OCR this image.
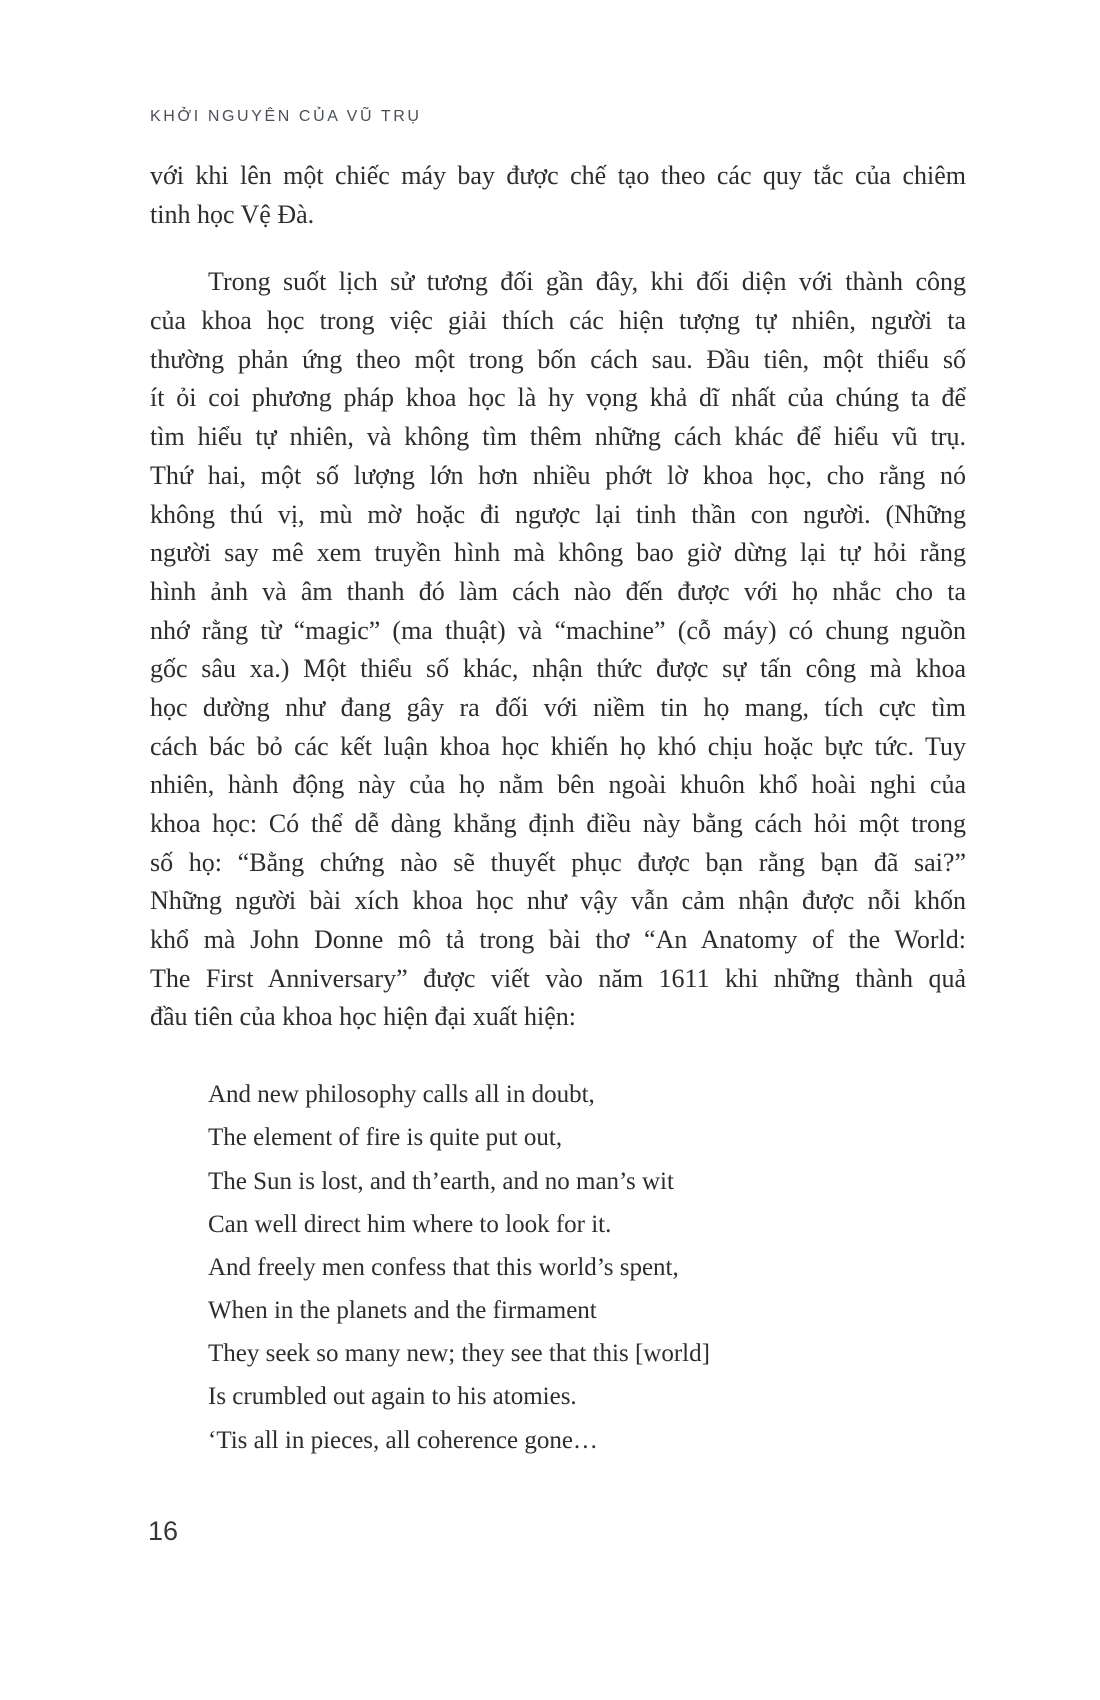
KHỞI NGUYÊN CỦA VŨ TRỤ
với khi lên một chiếc máy bay được chế tạo theo các quy tắc của chiêm
tinh học Vệ Đà.
Trong suốt lịch sử tương đối gần đây, khi đối diện với thành công
của khoa học trong việc giải thích các hiện tượng tự nhiên, người ta
thường phản ứng theo một trong bốn cách sau. Đầu tiên, một thiểu số
ít ỏi coi phương pháp khoa học là hy vọng khả dĩ nhất của chúng ta để
tìm hiểu tự nhiên, và không tìm thêm những cách khác để hiểu vũ trụ.
Thứ hai, một số lượng lớn hơn nhiều phớt lờ khoa học, cho rằng nó
không thú vị, mù mờ hoặc đi ngược lại tinh thần con người. (Những
người say mê xem truyền hình mà không bao giờ dừng lại tự hỏi rằng
hình ảnh và âm thanh đó làm cách nào đến được với họ nhắc cho ta
nhớ rằng từ “magic” (ma thuật) và “machine” (cỗ máy) có chung nguồn
gốc sâu xa.) Một thiểu số khác, nhận thức được sự tấn công mà khoa
học dường như đang gây ra đối với niềm tin họ mang, tích cực tìm
cách bác bỏ các kết luận khoa học khiến họ khó chịu hoặc bực tức. Tuy
nhiên, hành động này của họ nằm bên ngoài khuôn khổ hoài nghi của
khoa học: Có thể dễ dàng khẳng định điều này bằng cách hỏi một trong
số họ: “Bằng chứng nào sẽ thuyết phục được bạn rằng bạn đã sai?”
Những người bài xích khoa học như vậy vẫn cảm nhận được nỗi khốn
khổ mà John Donne mô tả trong bài thơ “An Anatomy of the World:
The First Anniversary” được viết vào năm 1611 khi những thành quả
đầu tiên của khoa học hiện đại xuất hiện:
And new philosophy calls all in doubt,
The element of fire is quite put out,
The Sun is lost, and th’earth, and no man’s wit
Can well direct him where to look for it.
And freely men confess that this world’s spent,
When in the planets and the firmament
They seek so many new; they see that this [world]
Is crumbled out again to his atomies.
‘Tis all in pieces, all coherence gone…
16
